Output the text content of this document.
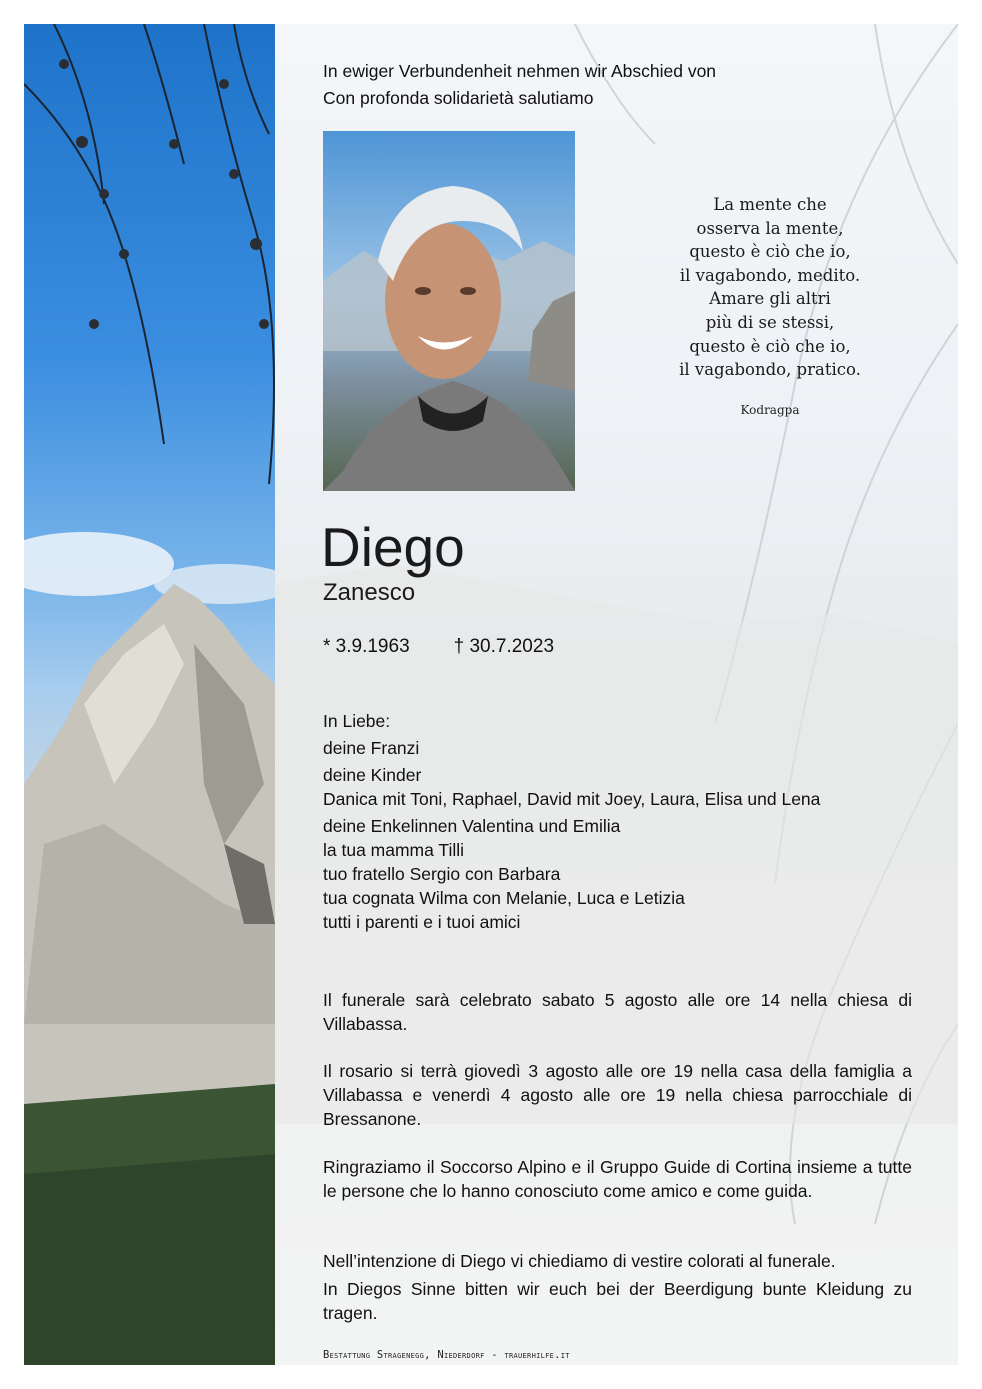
In ewiger Verbundenheit nehmen wir Abschied von
Con profonda solidarietà salutiamo
La mente che
osserva la mente,
questo è ciò che io,
il vagabondo, medito.
Amare gli altri
più di se stessi,
questo è ciò che io,
il vagabondo, pratico.
Kodragpa
Diego
Zanesco
* 3.9.1963 † 30.7.2023
In Liebe:
deine Franzi
deine Kinder
Danica mit Toni, Raphael, David mit Joey, Laura, Elisa und Lena
deine Enkelinnen Valentina und Emilia
la tua mamma Tilli
tuo fratello Sergio con Barbara
tua cognata Wilma con Melanie, Luca e Letizia
tutti i parenti e i tuoi amici
Il funerale sarà celebrato sabato 5 agosto alle ore 14 nella chiesa di Villabassa.
Il rosario si terrà giovedì 3 agosto alle ore 19 nella casa della famiglia a Villabassa e venerdì 4 agosto alle ore 19 nella chiesa parrocchiale di Bressanone.
Ringraziamo il Soccorso Alpino e il Gruppo Guide di Cortina insieme a tutte le persone che lo hanno conosciuto come amico e come guida.
Nell’intenzione di Diego vi chiediamo di vestire colorati al funerale.
In Diegos Sinne bitten wir euch bei der Beerdigung bunte Kleidung zu tragen.
Bestattung Stragenegg, Niederdorf - trauerhilfe.it
